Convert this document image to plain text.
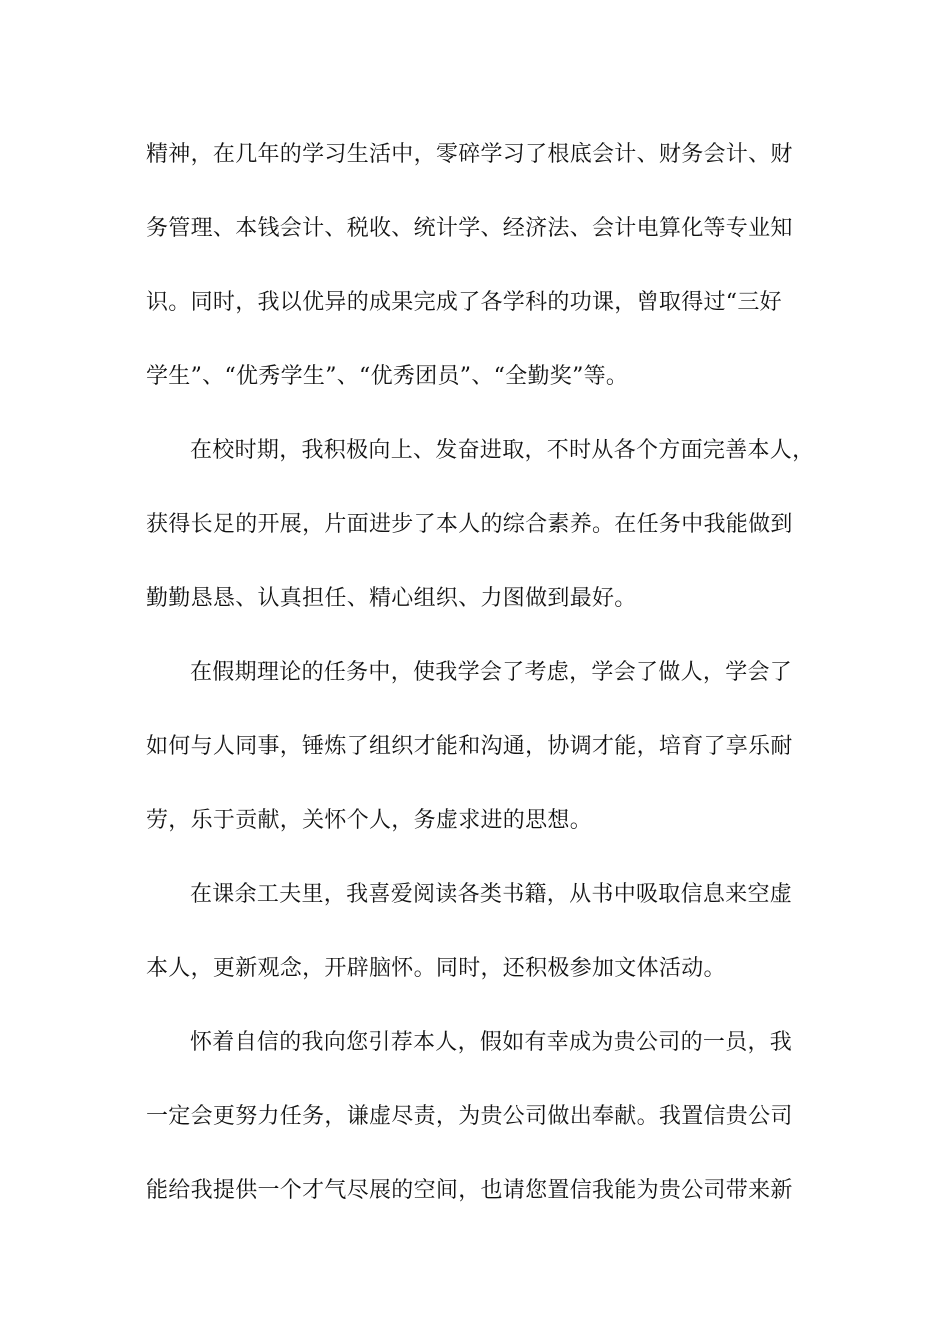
精神，在几年的学习生活中，零碎学习了根底会计、财务会计、财
务管理、本钱会计、税收、统计学、经济法、会计电算化等专业知
识。同时，我以优异的成果完成了各学科的功课，曾取得过“三好
学生”、“优秀学生”、“优秀团员”、“全勤奖”等。
在校时期，我积极向上、发奋进取，不时从各个方面完善本人，
获得长足的开展，片面进步了本人的综合素养。在任务中我能做到
勤勤恳恳、认真担任、精心组织、力图做到最好。
在假期理论的任务中，使我学会了考虑，学会了做人，学会了
如何与人同事，锤炼了组织才能和沟通，协调才能，培育了享乐耐
劳，乐于贡献，关怀个人，务虚求进的思想。
在课余工夫里，我喜爱阅读各类书籍，从书中吸取信息来空虚
本人，更新观念，开辟脑怀。同时，还积极参加文体活动。
怀着自信的我向您引荐本人，假如有幸成为贵公司的一员，我
一定会更努力任务，谦虚尽责，为贵公司做出奉献。我置信贵公司
能给我提供一个才气尽展的空间，也请您置信我能为贵公司带来新
